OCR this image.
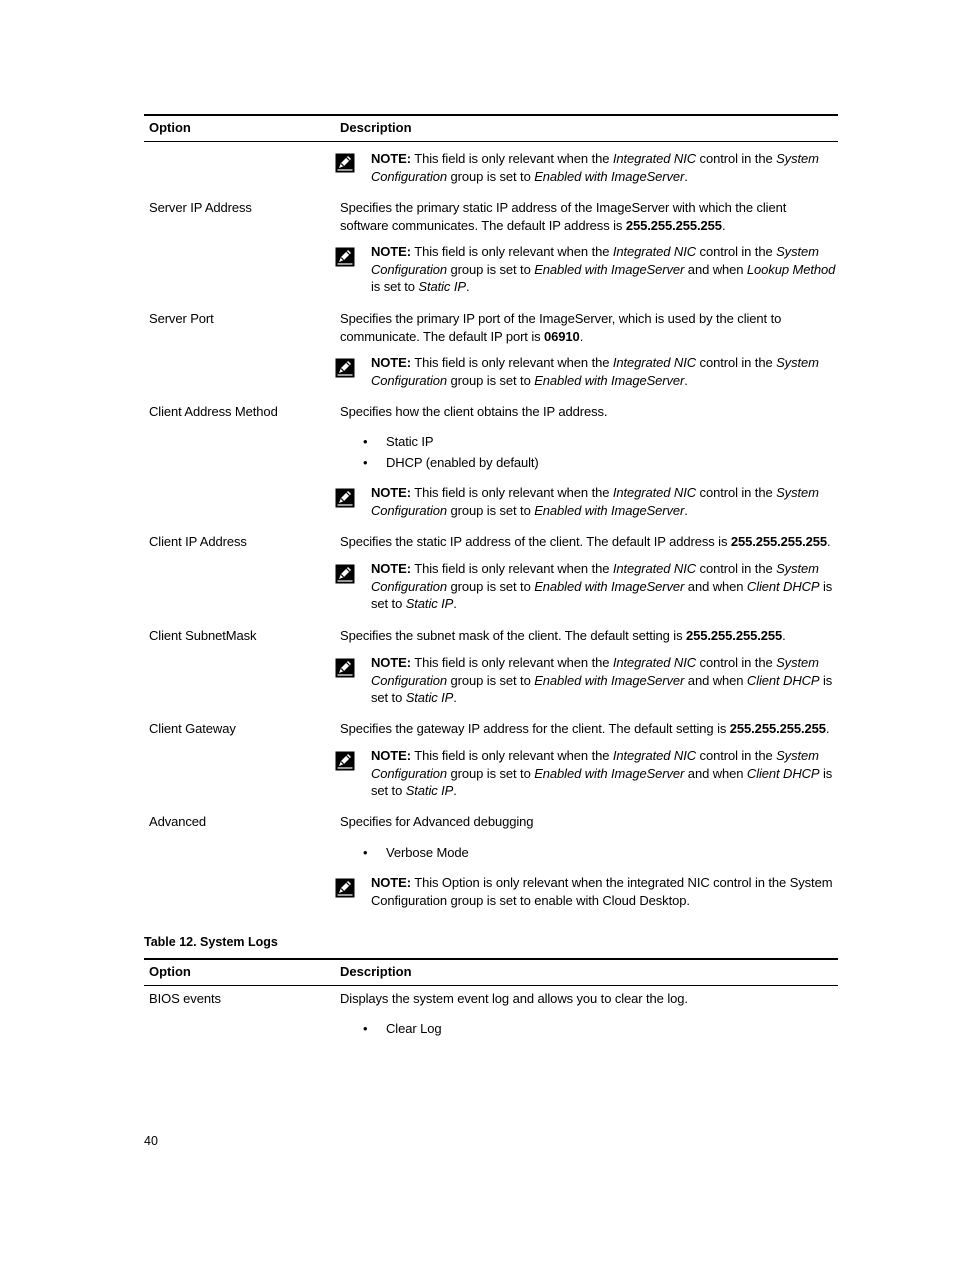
Option	Description
NOTE: This field is only relevant when the Integrated NIC control in the System Configuration group is set to Enabled with ImageServer.
Server IP Address	Specifies the primary static IP address of the ImageServer with which the client software communicates. The default IP address is 255.255.255.255.
NOTE: This field is only relevant when the Integrated NIC control in the System Configuration group is set to Enabled with ImageServer and when Lookup Method is set to Static IP.
Server Port	Specifies the primary IP port of the ImageServer, which is used by the client to communicate. The default IP port is 06910.
NOTE: This field is only relevant when the Integrated NIC control in the System Configuration group is set to Enabled with ImageServer.
Client Address Method	Specifies how the client obtains the IP address.
• Static IP
• DHCP (enabled by default)
NOTE: This field is only relevant when the Integrated NIC control in the System Configuration group is set to Enabled with ImageServer.
Client IP Address	Specifies the static IP address of the client. The default IP address is 255.255.255.255.
NOTE: This field is only relevant when the Integrated NIC control in the System Configuration group is set to Enabled with ImageServer and when Client DHCP is set to Static IP.
Client SubnetMask	Specifies the subnet mask of the client. The default setting is 255.255.255.255.
NOTE: This field is only relevant when the Integrated NIC control in the System Configuration group is set to Enabled with ImageServer and when Client DHCP is set to Static IP.
Client Gateway	Specifies the gateway IP address for the client. The default setting is 255.255.255.255.
NOTE: This field is only relevant when the Integrated NIC control in the System Configuration group is set to Enabled with ImageServer and when Client DHCP is set to Static IP.
Advanced	Specifies for Advanced debugging
• Verbose Mode
NOTE: This Option is only relevant when the integrated NIC control in the System Configuration group is set to enable with Cloud Desktop.
Table 12. System Logs
Option	Description
BIOS events	Displays the system event log and allows you to clear the log.
• Clear Log
40
